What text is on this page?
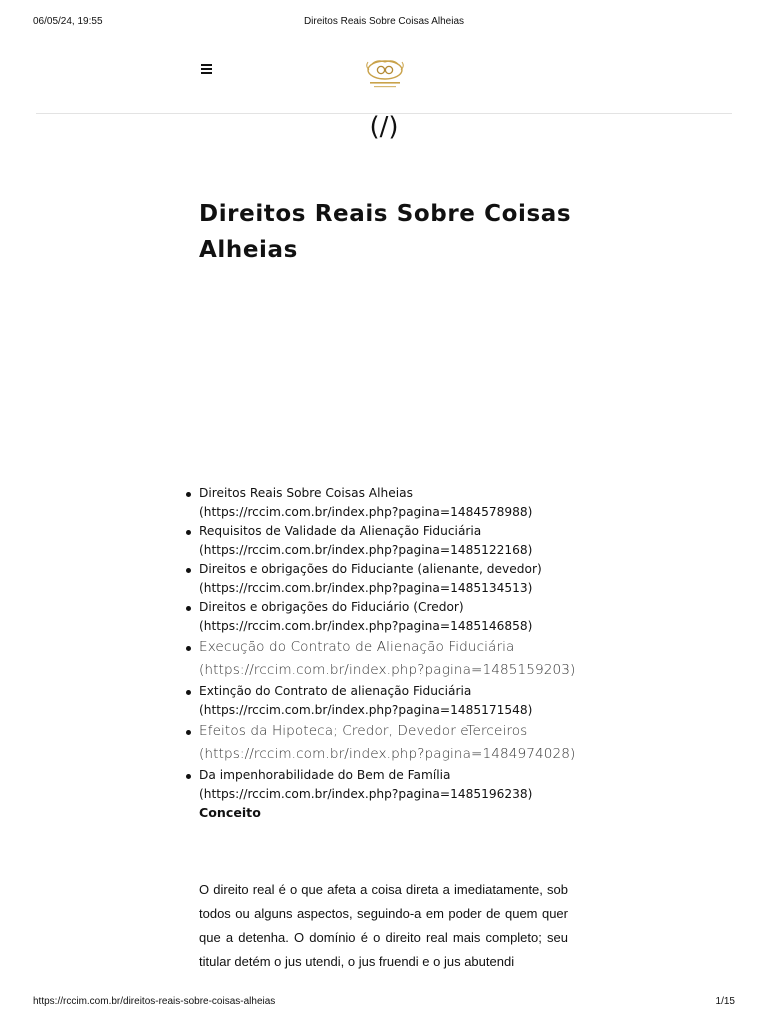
06/05/24, 19:55	Direitos Reais Sobre Coisas Alheias
(/)
Direitos Reais Sobre Coisas Alheias
Direitos Reais Sobre Coisas Alheias
(https://rccim.com.br/index.php?pagina=1484578988)
Requisitos de Validade da Alienação Fiduciária
(https://rccim.com.br/index.php?pagina=1485122168)
Direitos e obrigações do Fiduciante (alienante, devedor)
(https://rccim.com.br/index.php?pagina=1485134513)
Direitos e obrigações do Fiduciário (Credor)
(https://rccim.com.br/index.php?pagina=1485146858)
Execução do Contrato de Alienação Fiduciária
(https://rccim.com.br/index.php?pagina=1485159203)
Extinção do Contrato de alienação Fiduciária
(https://rccim.com.br/index.php?pagina=1485171548)
Efeitos da Hipoteca; Credor, Devedor eTerceiros
(https://rccim.com.br/index.php?pagina=1484974028)
Da impenhorabilidade do Bem de Família
(https://rccim.com.br/index.php?pagina=1485196238)
Conceito

O direito real é o que afeta a coisa direta a imediatamente, sob todos ou alguns aspectos, seguindo-a em poder de quem quer que a detenha. O domínio é o direito real mais completo; seu titular detém o jus utendi, o jus fruendi e o jus abutendi

https://rccim.com.br/direitos-reais-sobre-coisas-alheias	1/15
